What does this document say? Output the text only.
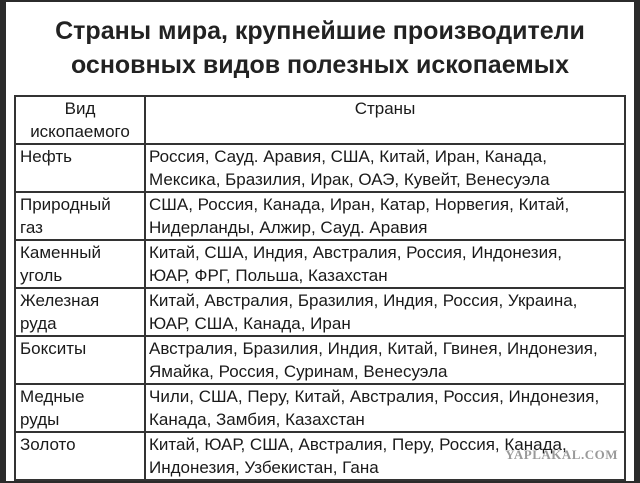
Страны мира, крупнейшие производители
основных видов полезных ископаемых
Вид
ископаемого	Страны
Нефть	Россия, Сауд. Аравия, США, Китай, Иран, Канада,
Мексика, Бразилия, Ирак, ОАЭ, Кувейт, Венесуэла
Природный
газ	США, Россия, Канада, Иран, Катар, Норвегия, Китай,
Нидерланды, Алжир, Сауд. Аравия
Каменный
уголь	Китай, США, Индия, Австралия, Россия, Индонезия,
ЮАР, ФРГ, Польша, Казахстан
Железная
руда	Китай, Австралия, Бразилия, Индия, Россия, Украина,
ЮАР, США, Канада, Иран
Бокситы	Австралия, Бразилия, Индия, Китай, Гвинея, Индонезия,
Ямайка, Россия, Суринам, Венесуэла
Медные
руды	Чили, США, Перу, Китай, Австралия, Россия, Индонезия,
Канада, Замбия, Казахстан
Золото	Китай, ЮАР, США, Австралия, Перу, Россия, Канада,
Индонезия, Узбекистан, Гана
YAPLAKAL.COM
